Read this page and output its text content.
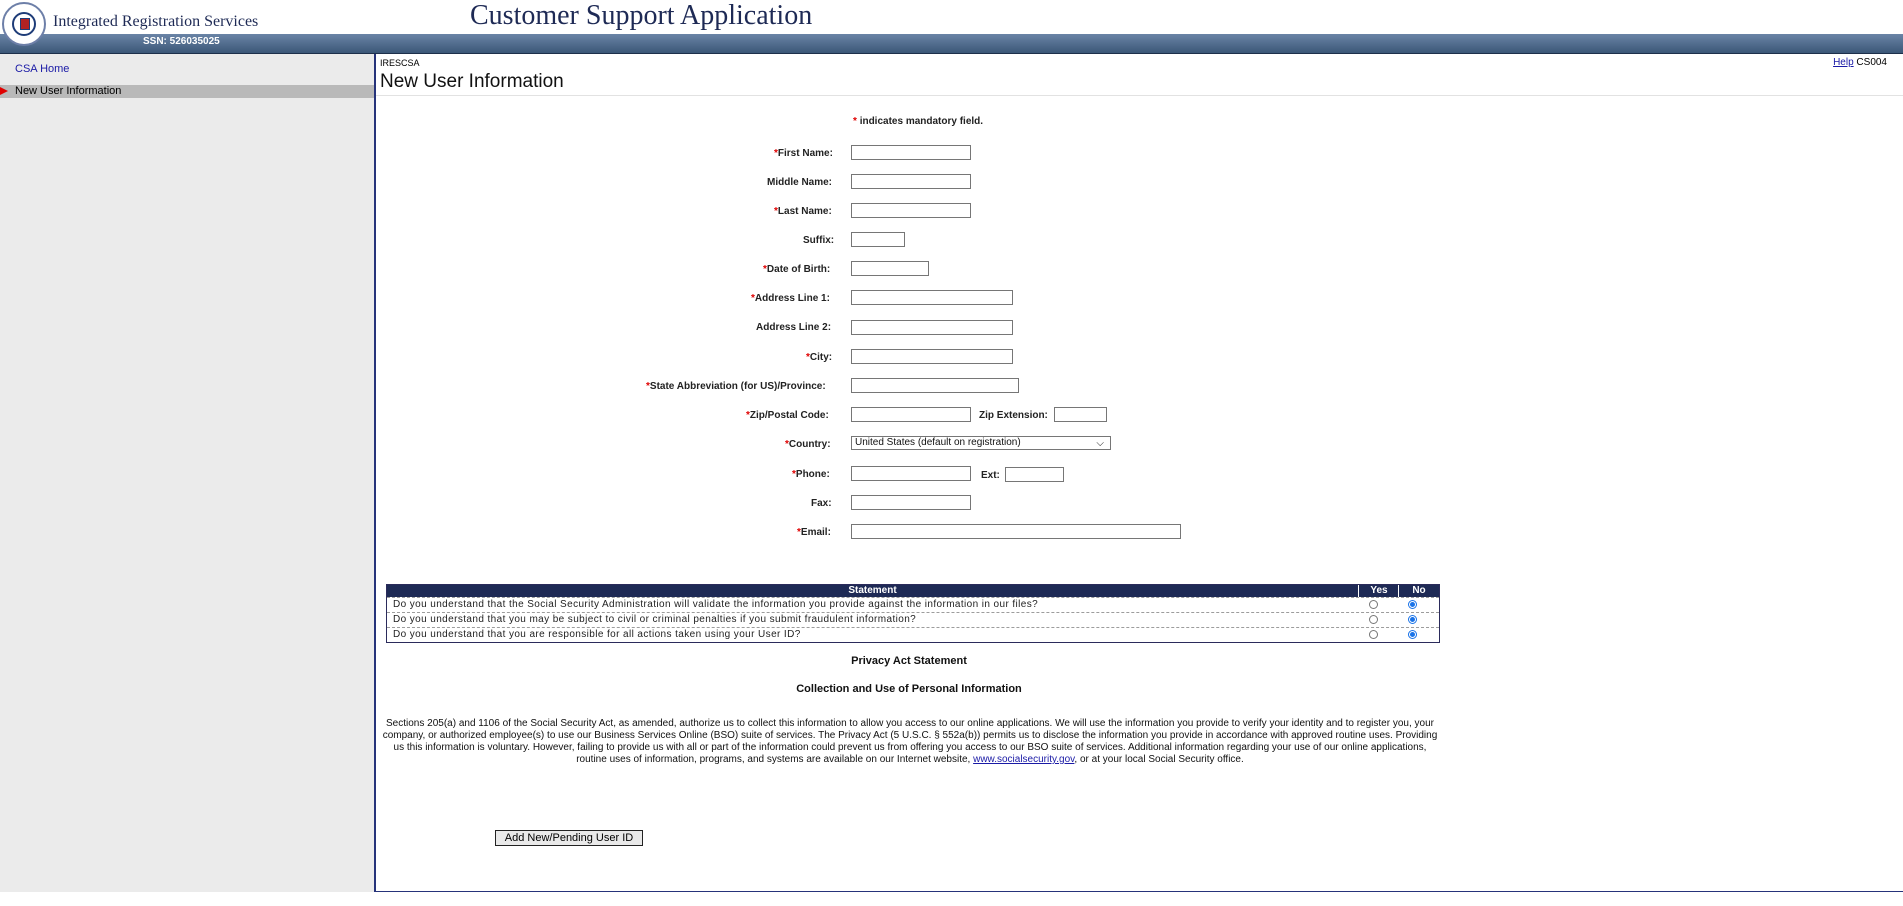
Integrated Registration Services	Customer Support Application
SSN: 526035025
CSA Home
New User Information
IRESCSA
New User Information
Help CS004
* indicates mandatory field.
*First Name:
Middle Name:
*Last Name:
Suffix:
*Date of Birth:
*Address Line 1:
Address Line 2:
*City:
*State Abbreviation (for US)/Province:
*Zip/Postal Code:	Zip Extension:
*Country:	United States (default on registration)	⌵
*Phone:	Ext:
Fax:
*Email:
Statement	Yes	No
Do you understand that the Social Security Administration will validate the information you provide against the information in our files?
Do you understand that you may be subject to civil or criminal penalties if you submit fraudulent information?
Do you understand that you are responsible for all actions taken using your User ID?
Privacy Act Statement
Collection and Use of Personal Information
Sections 205(a) and 1106 of the Social Security Act, as amended, authorize us to collect this information to allow you access to our online applications. We will use the information you provide to verify your identity and to register you, your company, or authorized employee(s) to use our Business Services Online (BSO) suite of services. The Privacy Act (5 U.S.C. § 552a(b)) permits us to disclose the information you provide in accordance with approved routine uses. Providing us this information is voluntary. However, failing to provide us with all or part of the information could prevent us from offering you access to our BSO suite of services. Additional information regarding your use of our online applications, routine uses of information, programs, and systems are available on our Internet website, www.socialsecurity.gov, or at your local Social Security office.
Add New/Pending User ID
